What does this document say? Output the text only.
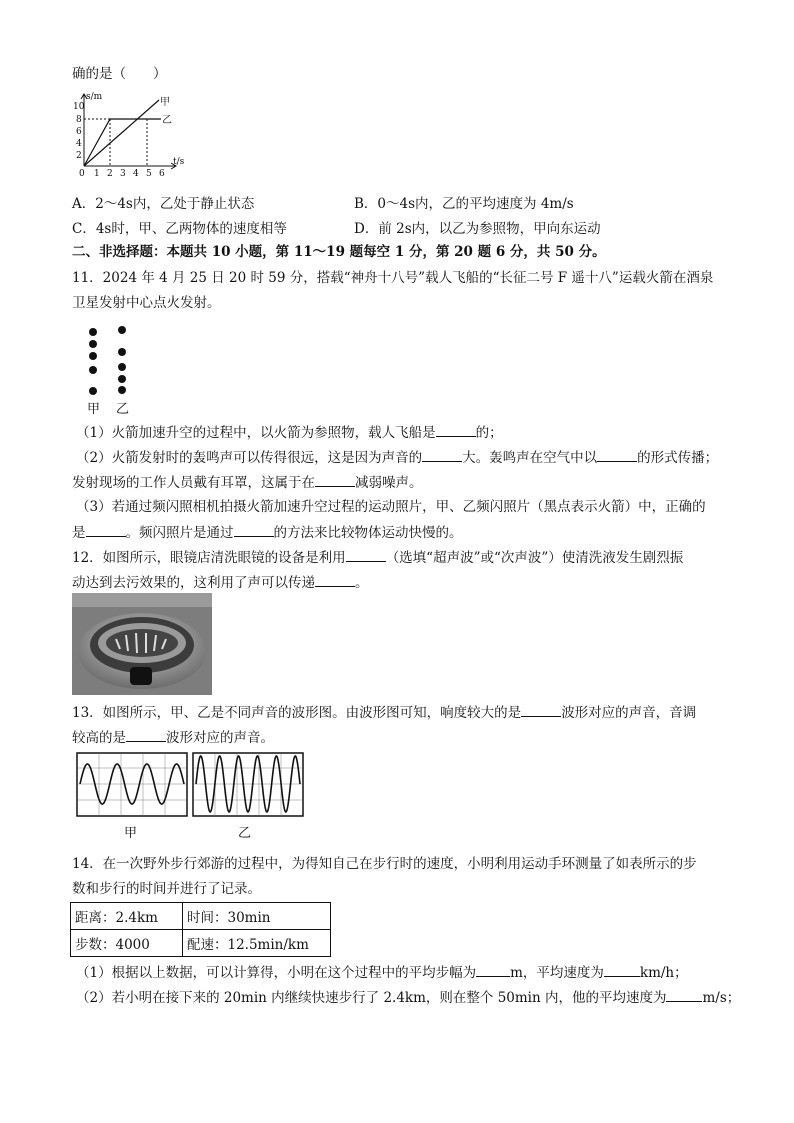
确的是（　　）
s/m
t/s
10
8
6
4
2
0 1 2 3 4 5 6
甲
乙
A．2～4s内，乙处于静止状态	B．0～4s内，乙的平均速度为 4m/s
C．4s时，甲、乙两物体的速度相等	D．前 2s内，以乙为参照物，甲向东运动
二、非选择题：本题共 10 小题，第 11～19 题每空 1 分，第 20 题 6 分，共 50 分。
11．2024 年 4 月 25 日 20 时 59 分，搭载“神舟十八号”载人飞船的“长征二号 F 遥十八”运载火箭在酒泉
卫星发射中心点火发射。
甲 乙
（1）火箭加速升空的过程中，以火箭为参照物，载人飞船是	的；
（2）火箭发射时的轰鸣声可以传得很远，这是因为声音的	大。轰鸣声在空气中以	的形式传播；
发射现场的工作人员戴有耳罩，这属于在	减弱噪声。
（3）若通过频闪照相机拍摄火箭加速升空过程的运动照片，甲、乙频闪照片（黑点表示火箭）中，正确的
是	。频闪照片是通过	的方法来比较物体运动快慢的。
12．如图所示，眼镜店清洗眼镜的设备是利用	（选填“超声波”或“次声波”）使清洗液发生剧烈振
动达到去污效果的，这利用了声可以传递	。
13．如图所示，甲、乙是不同声音的波形图。由波形图可知，响度较大的是	波形对应的声音，音调
较高的是	波形对应的声音。
甲	乙
14．在一次野外步行郊游的过程中，为得知自己在步行时的速度，小明利用运动手环测量了如表所示的步
数和步行的时间并进行了记录。
距离：2.4km	时间：30min
步数：4000	配速：12.5min/km
（1）根据以上数据，可以计算得，小明在这个过程中的平均步幅为	m，平均速度为	km/h；
（2）若小明在接下来的 20min 内继续快速步行了 2.4km，则在整个 50min 内，他的平均速度为	m/s；
